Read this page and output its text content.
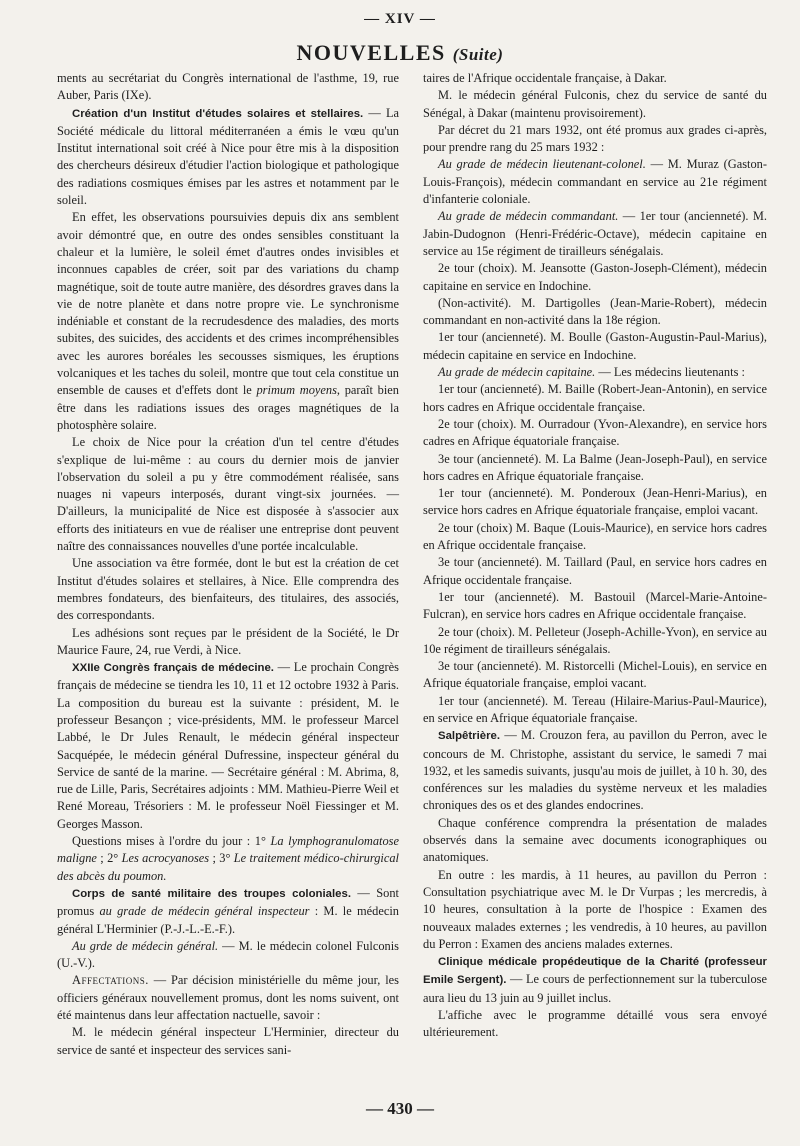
— XIV —
NOUVELLES (Suite)

ments au secrétariat du Congrès international de l'asthme, 19, rue Auber, Paris (IXe).

Création d'un Institut d'études solaires et stellaires. — La Société médicale du littoral méditerranéen a émis le vœu qu'un Institut international soit créé à Nice pour être mis à la disposition des chercheurs désireux d'étudier l'action biologique et pathologique des radiations cosmiques émises par les astres et notamment par le soleil.

En effet, les observations poursuivies depuis dix ans semblent avoir démontré que, en outre des ondes sensibles constituant la chaleur et la lumière, le soleil émet d'autres ondes invisibles et inconnues capables de créer, soit par des variations du champ magnétique, soit de toute autre manière, des désordres graves dans la vie de notre planète et dans notre propre vie. Le synchronisme indéniable et constant de la recrudesdence des maladies, des morts subites, des suicides, des accidents et des crimes incompréhensibles avec les aurores boréales les secousses sismiques, les éruptions volcaniques et les taches du soleil, montre que tout cela constitue un ensemble de causes et d'effets dont le primum moyens, paraît bien être dans les radiations issues des orages magnétiques de la photosphère solaire.

Le choix de Nice pour la création d'un tel centre d'études s'explique de lui-même : au cours du dernier mois de janvier l'observation du soleil a pu y être commodément réalisée, sans nuages ni vapeurs interposés, durant vingt-six journées. — D'ailleurs, la municipalité de Nice est disposée à s'associer aux efforts des initiateurs en vue de réaliser une entreprise dont peuvent naître des connaissances nouvelles d'une portée incalculable.

Une association va être formée, dont le but est la création de cet Institut d'études solaires et stellaires, à Nice. Elle comprendra des membres fondateurs, des bienfaiteurs, des titulaires, des associés, des correspondants.

Les adhésions sont reçues par le président de la Société, le Dr Maurice Faure, 24, rue Verdi, à Nice.

XXIIe Congrès français de médecine. — Le prochain Congrès français de médecine se tiendra les 10, 11 et 12 octobre 1932 à Paris. La composition du bureau est la suivante : président, M. le professeur Besançon ; vice-présidents, MM. le professeur Marcel Labbé, le Dr Jules Renault, le médecin général inspecteur Sacquépée, le médecin général Dufressine, inspecteur général du Service de santé de la marine. — Secrétaire général : M. Abrima, 8, rue de Lille, Paris, Secrétaires adjoints : MM. Mathieu-Pierre Weil et René Moreau, Trésoriers : M. le professeur Noël Fiessinger et M. Georges Masson.

Questions mises à l'ordre du jour : 1° La lymphogranulomatose maligne ; 2° Les acrocyanoses ; 3° Le traitement médico-chirurgical des abcès du poumon.

Corps de santé militaire des troupes coloniales. — Sont promus au grade de médecin général inspecteur : M. le médecin général L'Herminier (P.-J.-L.-E.-F.).

Au grde de médecin général. — M. le médecin colonel Fulconis (U.-V.).

Affectations. — Par décision ministérielle du même jour, les officiers généraux nouvellement promus, dont les noms suivent, ont été maintenus dans leur affectation nactuelle, savoir :

M. le médecin général inspecteur L'Herminier, directeur du service de santé et inspecteur des services sani-

taires de l'Afrique occidentale française, à Dakar.

M. le médecin général Fulconis, chez du service de santé du Sénégal, à Dakar (maintenu provisoirement).

Par décret du 21 mars 1932, ont été promus aux grades ci-après, pour prendre rang du 25 mars 1932 :

Au grade de médecin lieutenant-colonel. — M. Muraz (Gaston-Louis-François), médecin commandant en service au 21e régiment d'infanterie coloniale.

Au grade de médecin commandant. — 1er tour (ancienneté). M. Jabin-Dudognon (Henri-Frédéric-Octave), médecin capitaine en service au 15e régiment de tirailleurs sénégalais.

2e tour (choix). M. Jeansotte (Gaston-Joseph-Clément), médecin capitaine en service en Indochine.

(Non-activité). M. Dartigolles (Jean-Marie-Robert), médecin commandant en non-activité dans la 18e région.

1er tour (ancienneté). M. Boulle (Gaston-Augustin-Paul-Marius), médecin capitaine en service en Indochine.

Au grade de médecin capitaine. — Les médecins lieutenants :

1er tour (ancienneté). M. Baille (Robert-Jean-Antonin), en service hors cadres en Afrique occidentale française.

2e tour (choix). M. Ourradour (Yvon-Alexandre), en service hors cadres en Afrique équatoriale française.

3e tour (ancienneté). M. La Balme (Jean-Joseph-Paul), en service hors cadres en Afrique équatoriale française.

1er tour (ancienneté). M. Ponderoux (Jean-Henri-Marius), en service hors cadres en Afrique équatoriale française, emploi vacant.

2e tour (choix) M. Baque (Louis-Maurice), en service hors cadres en Afrique occidentale française.

3e tour (ancienneté). M. Taillard (Paul, en service hors cadres en Afrique occidentale française.

1er tour (ancienneté). M. Bastouil (Marcel-Marie-Antoine-Fulcran), en service hors cadres en Afrique occidentale française.

2e tour (choix). M. Pelleteur (Joseph-Achille-Yvon), en service au 10e régiment de tirailleurs sénégalais.

3e tour (ancienneté). M. Ristorcelli (Michel-Louis), en service en Afrique équatoriale française, emploi vacant.

1er tour (ancienneté). M. Tereau (Hilaire-Marius-Paul-Maurice), en service en Afrique équatoriale française.

Salpêtrière. — M. Crouzon fera, au pavillon du Perron, avec le concours de M. Christophe, assistant du service, le samedi 7 mai 1932, et les samedis suivants, jusqu'au mois de juillet, à 10 h. 30, des conférences sur les maladies du système nerveux et les maladies chroniques des os et des glandes endocrines.

Chaque conférence comprendra la présentation de malades observés dans la semaine avec documents iconographiques ou anatomiques.

En outre : les mardis, à 11 heures, au pavillon du Perron : Consultation psychiatrique avec M. le Dr Vurpas ; les mercredis, à 10 heures, consultation à la porte de l'hospice : Examen des nouveaux malades externes ; les vendredis, à 10 heures, au pavillon du Perron : Examen des anciens malades externes.

Clinique médicale propédeutique de la Charité (professeur Emile Sergent). — Le cours de perfectionnement sur la tuberculose aura lieu du 13 juin au 9 juillet inclus.

L'affiche avec le programme détaillé vous sera envoyé ultérieurement.

— 430 —
